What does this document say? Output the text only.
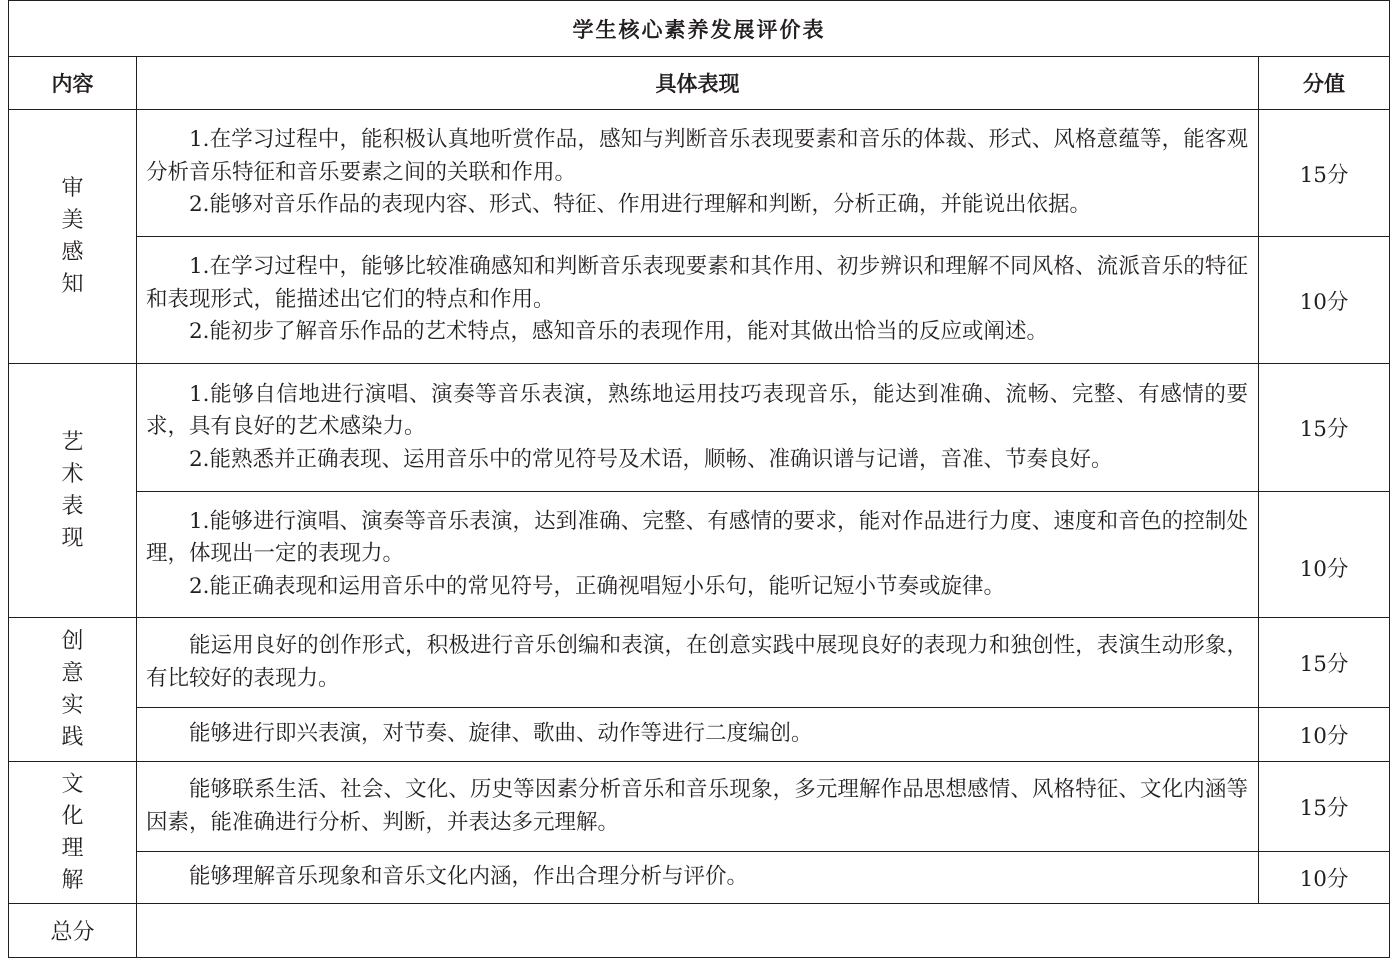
学生核心素养发展评价表		
内容	具体表现	分值
审美感知	1.在学习过程中，能积极认真地听赏作品，感知与判断音乐表现要素和音乐的体裁、形式、风格意蕴等，能客观分析音乐特征和音乐要素之间的关联和作用。

2.能够对音乐作品的表现内容、形式、特征、作用进行理解和判断，分析正确，并能说出依据。	15分

	1.在学习过程中，能够比较准确感知和判断音乐表现要素和其作用、初步辨识和理解不同风格、流派音乐的特征和表现形式，能描述出它们的特点和作用。

2.能初步了解音乐作品的艺术特点，感知音乐的表现作用，能对其做出恰当的反应或阐述。	10分
艺术表现	1.能够自信地进行演唱、演奏等音乐表演，熟练地运用技巧表现音乐，能达到准确、流畅、完整、有感情的要求，具有良好的艺术感染力。

2.能熟悉并正确表现、运用音乐中的常见符号及术语，顺畅、准确识谱与记谱，音准、节奏良好。	15分

	1.能够进行演唱、演奏等音乐表演，达到准确、完整、有感情的要求，能对作品进行力度、速度和音色的控制处理，体现出一定的表现力。

2.能正确表现和运用音乐中的常见符号，正确视唱短小乐句，能听记短小节奏或旋律。	10分
创意实践	能运用良好的创作形式，积极进行音乐创编和表演，在创意实践中展现良好的表现力和独创性，表演生动形象，有比较好的表现力。	15分

	能够进行即兴表演，对节奏、旋律、歌曲、动作等进行二度编创。	10分
文化理解	能够联系生活、社会、文化、历史等因素分析音乐和音乐现象，多元理解作品思想感情、风格特征、文化内涵等因素，能准确进行分析、判断，并表达多元理解。	15分

	能够理解音乐现象和音乐文化内涵，作出合理分析与评价。	10分
总分		
